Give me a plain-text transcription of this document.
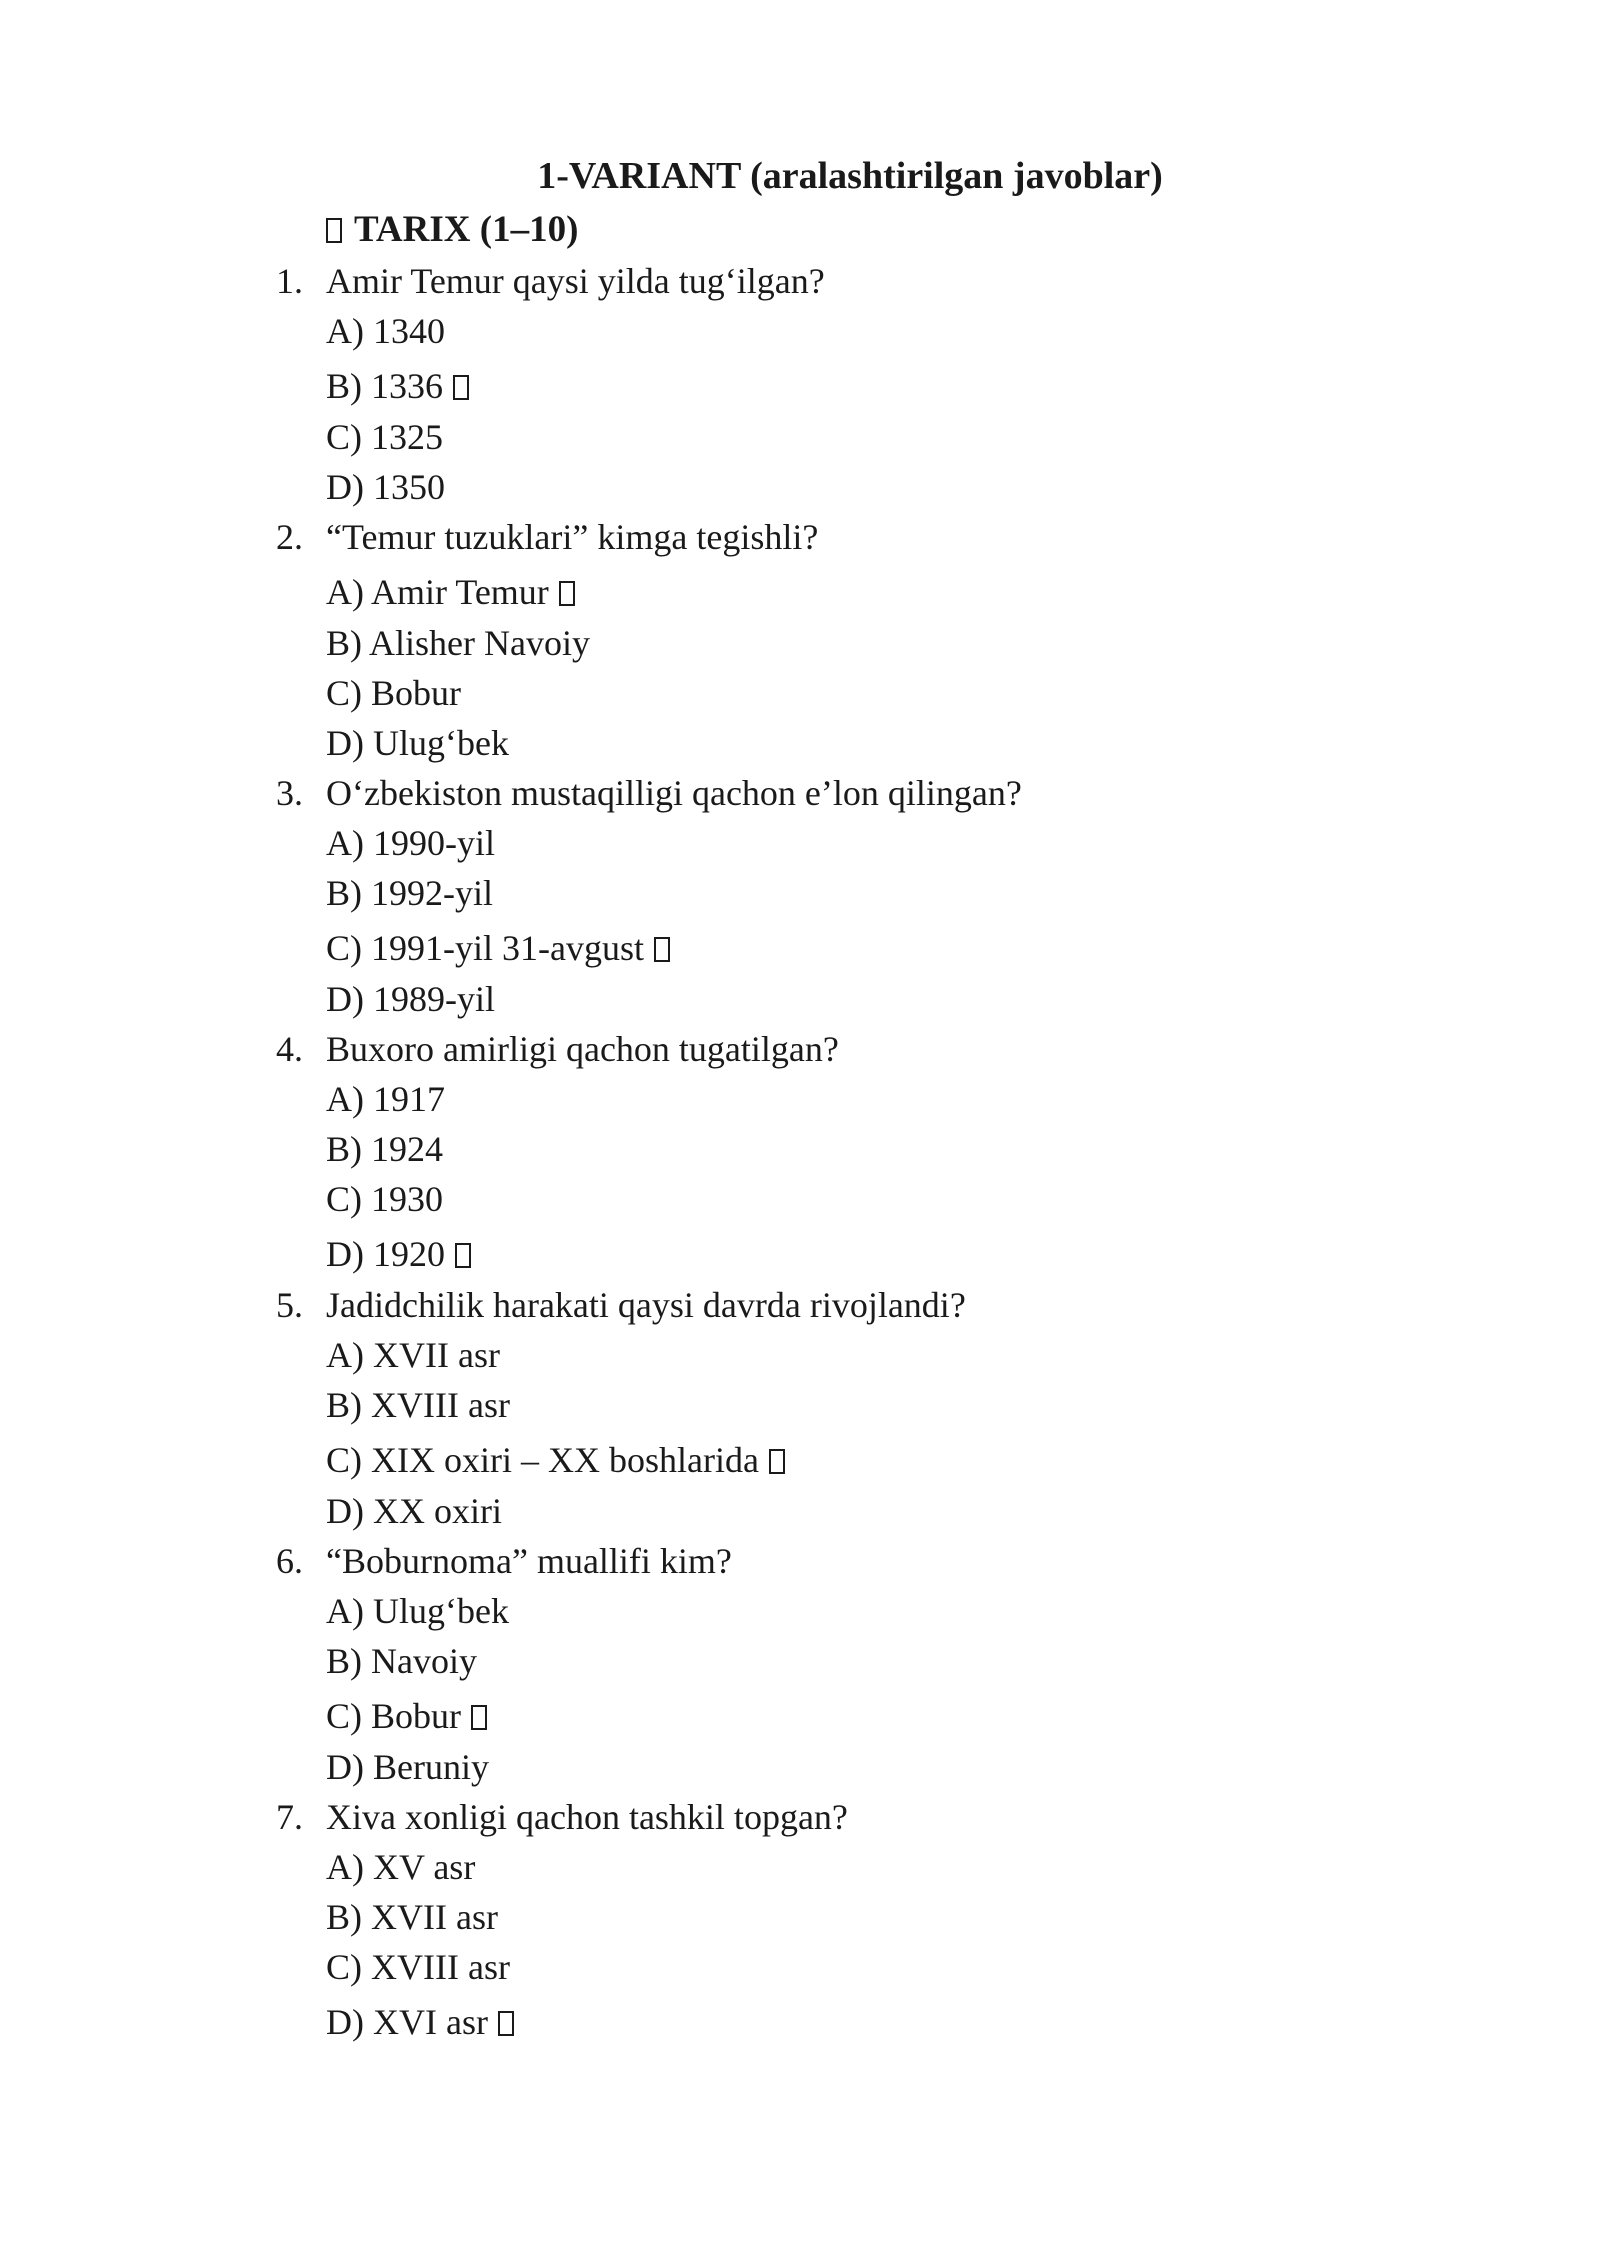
1-VARIANT (aralashtirilgan javoblar)
TARIX (1–10)
1. Amir Temur qaysi yilda tug‘ilgan?
A) 1340
B) 1336
C) 1325
D) 1350
2. “Temur tuzuklari” kimga tegishli?
A) Amir Temur
B) Alisher Navoiy
C) Bobur
D) Ulug‘bek
3. O‘zbekiston mustaqilligi qachon e’lon qilingan?
A) 1990-yil
B) 1992-yil
C) 1991-yil 31-avgust
D) 1989-yil
4. Buxoro amirligi qachon tugatilgan?
A) 1917
B) 1924
C) 1930
D) 1920
5. Jadidchilik harakati qaysi davrda rivojlandi?
A) XVII asr
B) XVIII asr
C) XIX oxiri – XX boshlarida
D) XX oxiri
6. “Boburnoma” muallifi kim?
A) Ulug‘bek
B) Navoiy
C) Bobur
D) Beruniy
7. Xiva xonligi qachon tashkil topgan?
A) XV asr
B) XVII asr
C) XVIII asr
D) XVI asr
